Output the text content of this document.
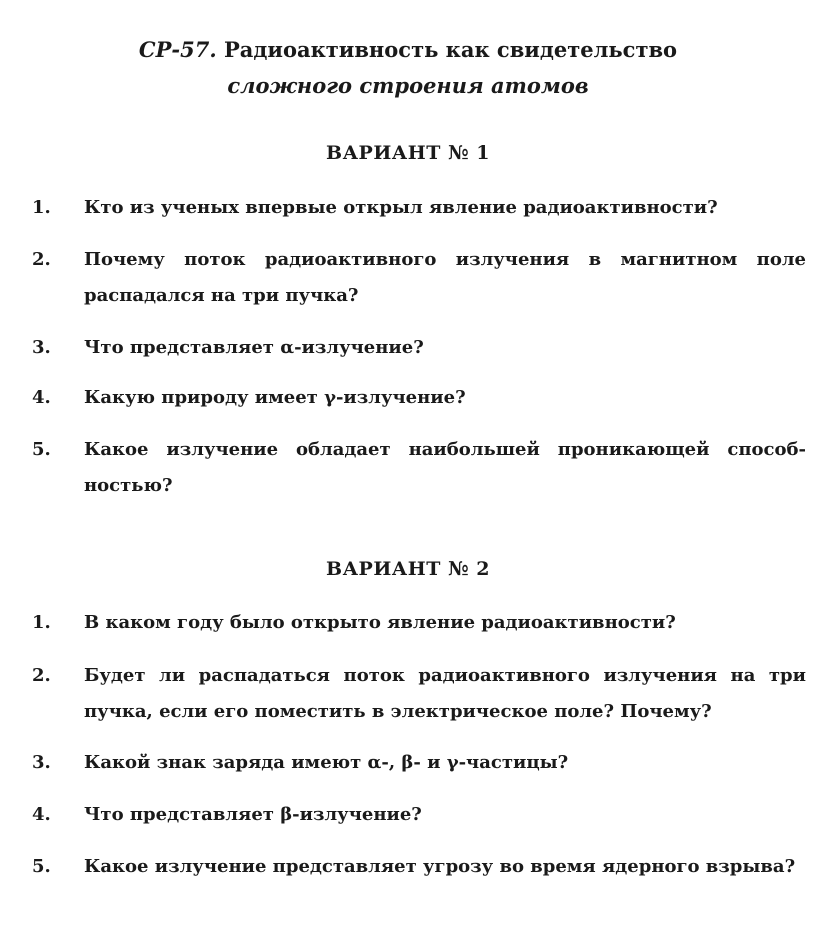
СР-57. Радиоактивность как свидетельство
сложного строения атомов
ВАРИАНТ № 1
1.	Кто из ученых впервые открыл явление радиоактивности?
2.	Почему поток радиоактивного излучения в магнитном поле
распадался на три пучка?
3.	Что представляет α-излучение?
4.	Какую природу имеет γ-излучение?
5.	Какое излучение обладает наибольшей проникающей способ-
ностью?
ВАРИАНТ № 2
1.	В каком году было открыто явление радиоактивности?
2.	Будет ли распадаться поток радиоактивного излучения на три
пучка, если его поместить в электрическое поле? Почему?
3.	Какой знак заряда имеют α-, β- и γ-частицы?
4.	Что представляет β-излучение?
5.	Какое излучение представляет угрозу во время ядерного взрыва?
